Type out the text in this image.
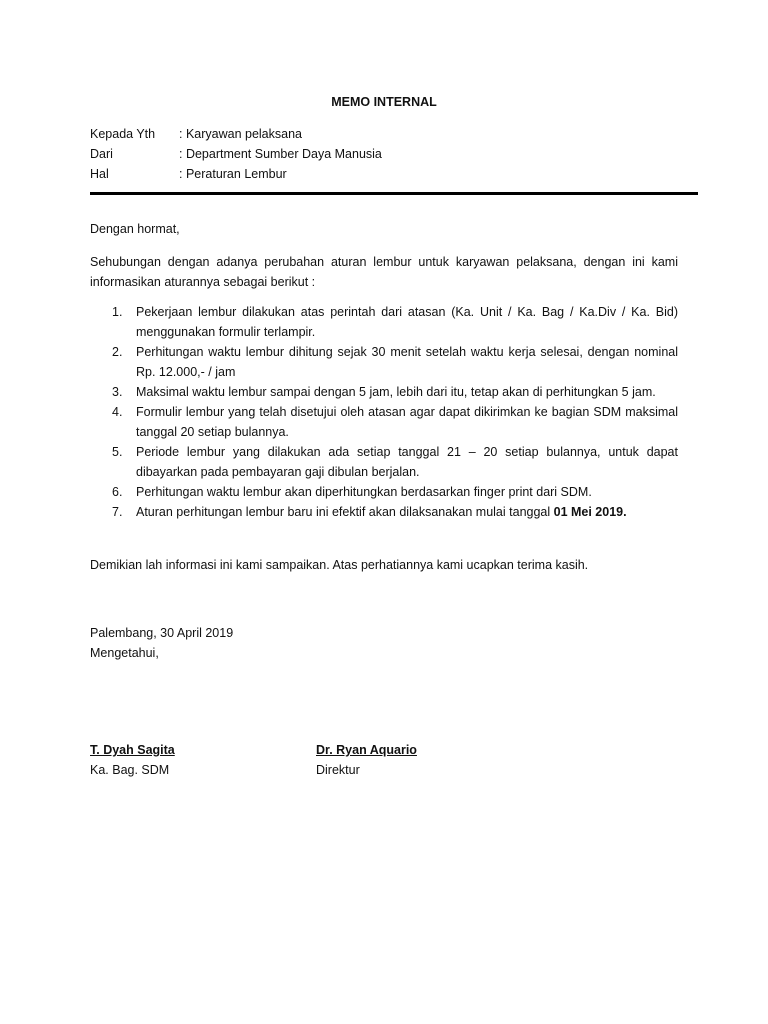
MEMO INTERNAL
Kepada Yth	: Karyawan pelaksana
Dari	: Department Sumber Daya Manusia
Hal	: Peraturan Lembur
Dengan hormat,
Sehubungan dengan adanya perubahan aturan lembur untuk karyawan pelaksana, dengan ini kami informasikan aturannya sebagai berikut :
1.	Pekerjaan lembur dilakukan atas perintah dari atasan (Ka. Unit / Ka. Bag / Ka.Div / Ka. Bid) menggunakan formulir terlampir.
2.	Perhitungan waktu lembur dihitung sejak 30 menit setelah waktu kerja selesai, dengan nominal Rp. 12.000,- / jam
3.	Maksimal waktu lembur sampai dengan 5 jam, lebih dari itu, tetap akan di perhitungkan 5 jam.
4.	Formulir lembur yang telah disetujui oleh atasan agar dapat dikirimkan ke bagian SDM maksimal tanggal 20 setiap bulannya.
5.	Periode lembur yang dilakukan ada setiap tanggal 21 – 20 setiap bulannya, untuk dapat dibayarkan pada pembayaran gaji dibulan berjalan.
6.	Perhitungan waktu lembur akan diperhitungkan berdasarkan finger print dari SDM.
7.	Aturan perhitungan lembur baru ini efektif akan dilaksanakan mulai tanggal 01 Mei 2019.
Demikian lah informasi ini kami sampaikan. Atas perhatiannya kami ucapkan terima kasih.
Palembang, 30 April 2019
Mengetahui,
T. Dyah Sagita
Ka. Bag. SDM
Dr. Ryan Aquario
Direktur
